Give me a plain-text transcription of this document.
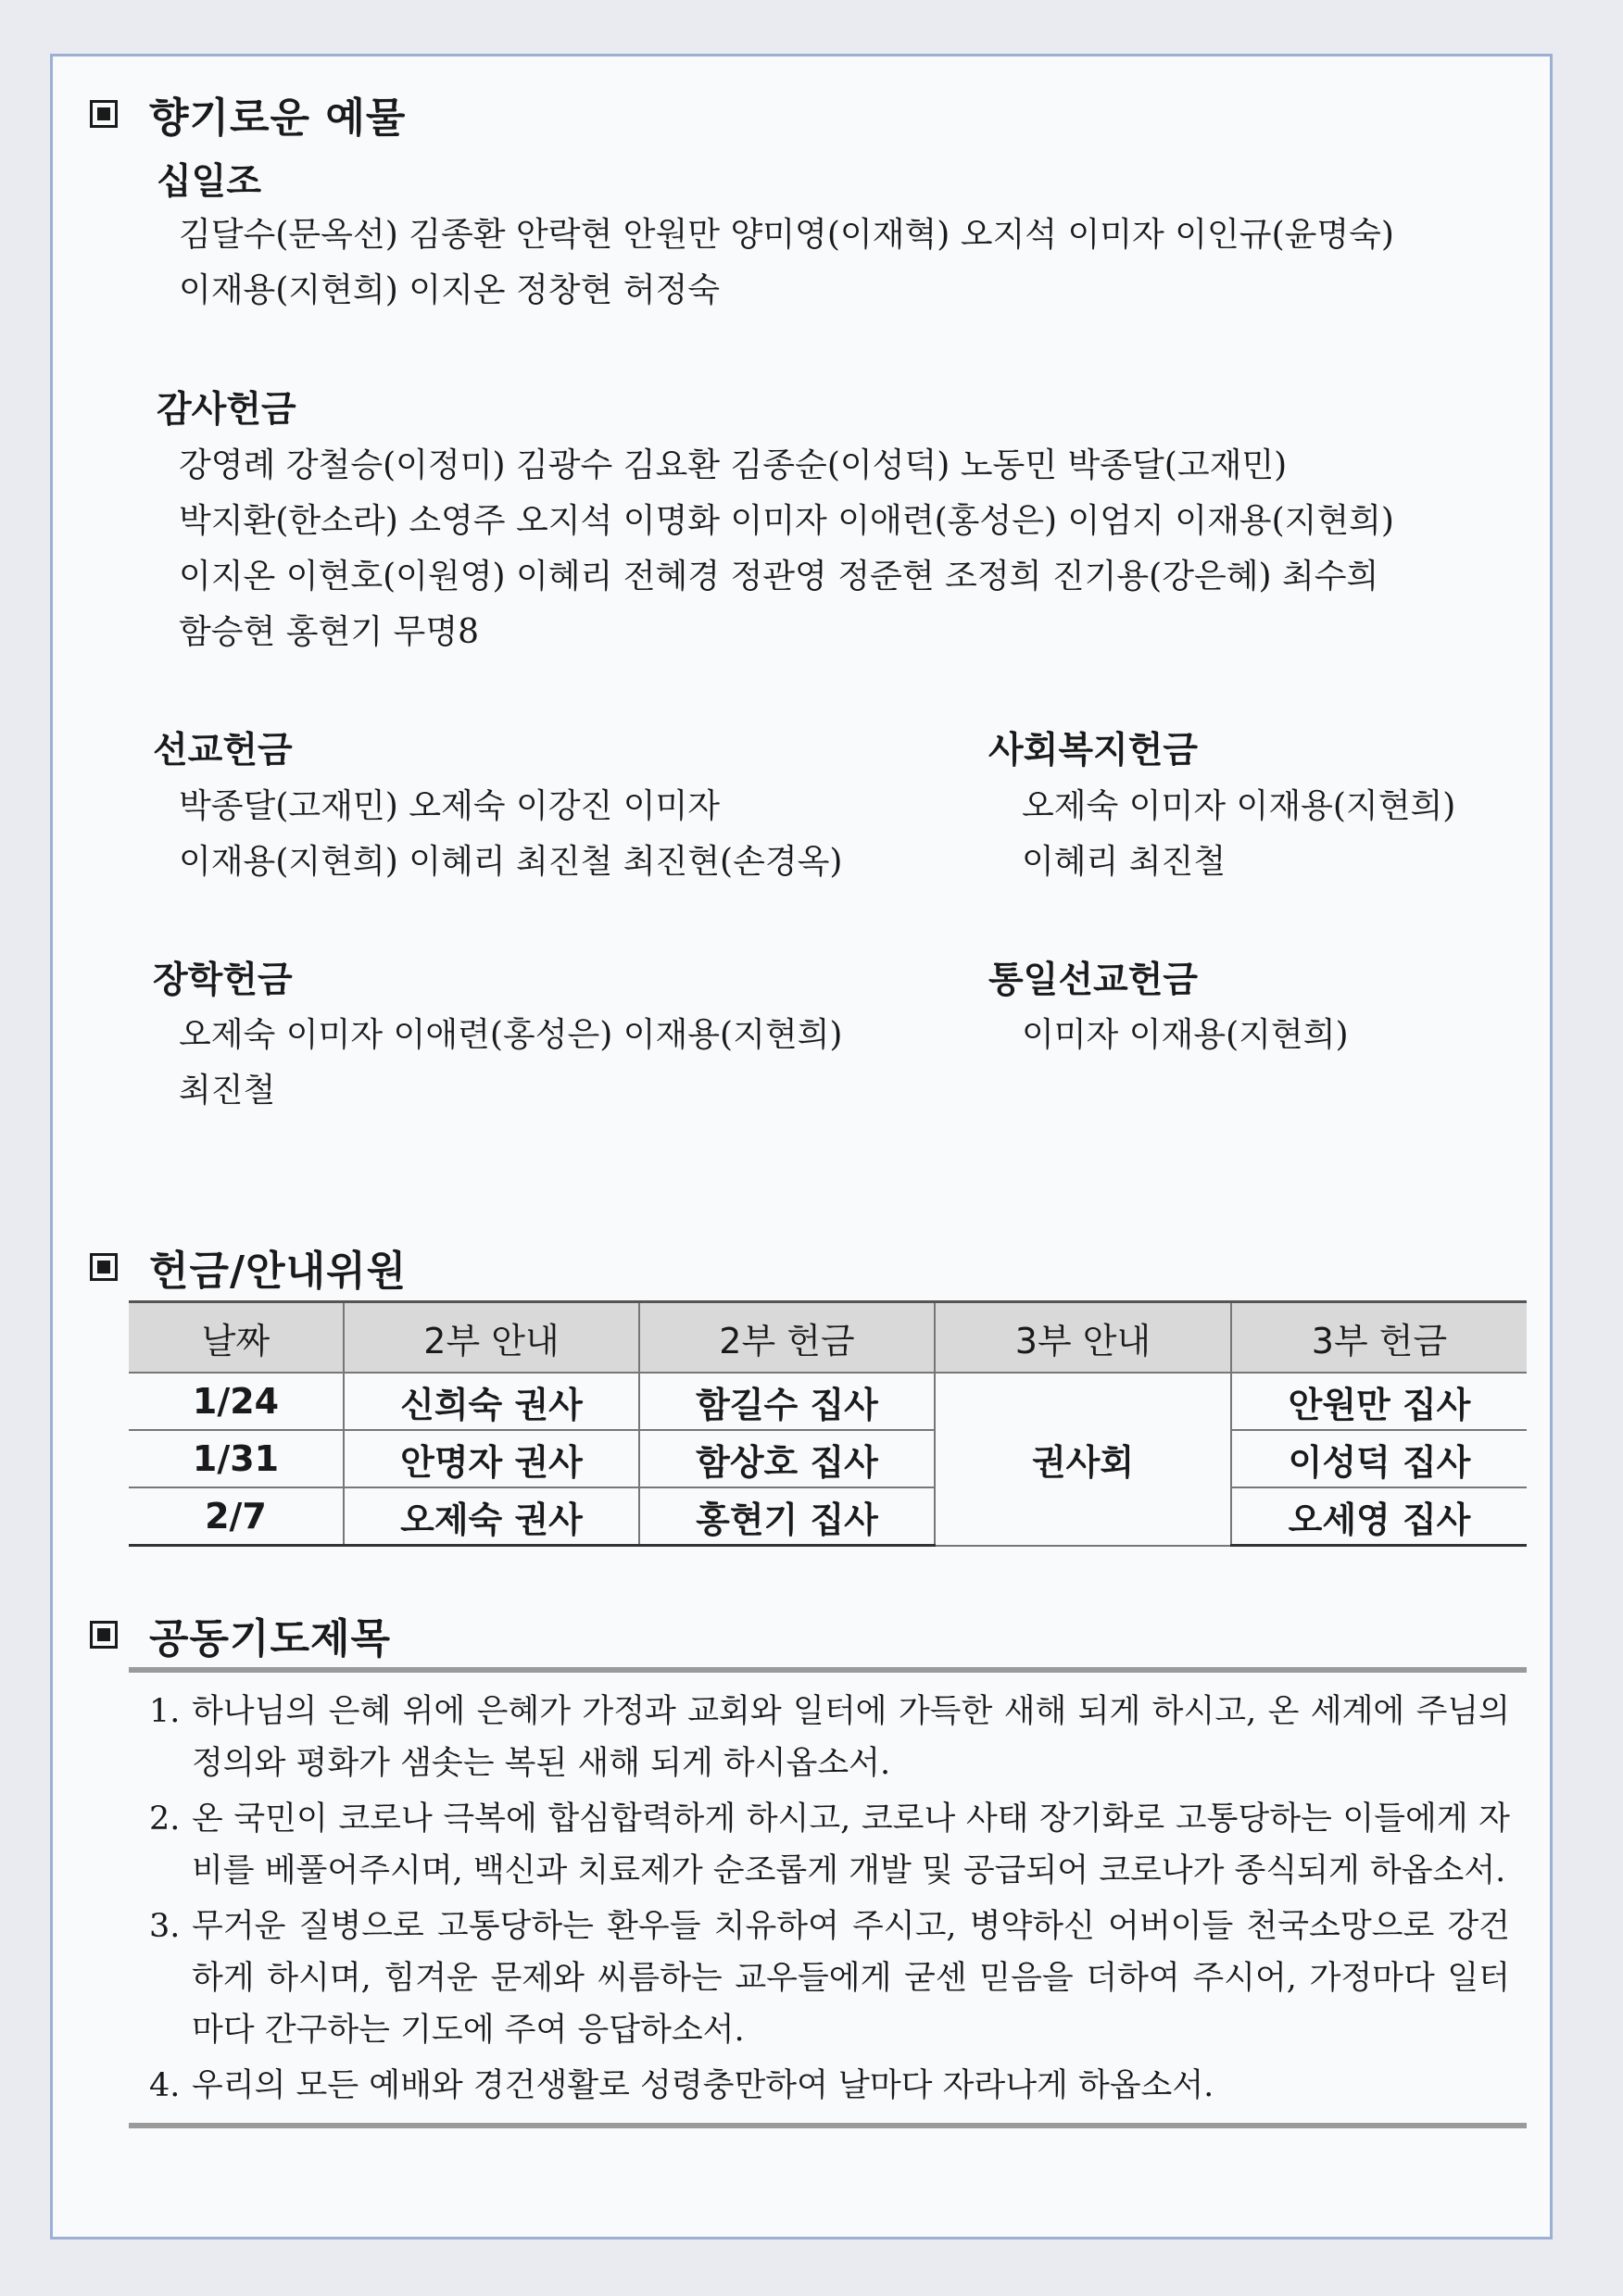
향기로운 예물
십일조
김달수(문옥선) 김종환 안락현 안원만 양미영(이재혁) 오지석 이미자 이인규(윤명숙)
이재용(지현희) 이지온 정창현 허정숙
감사헌금
강영례 강철승(이정미) 김광수 김요환 김종순(이성덕) 노동민 박종달(고재민)
박지환(한소라) 소영주 오지석 이명화 이미자 이애련(홍성은) 이엄지 이재용(지현희)
이지온 이현호(이원영) 이혜리 전혜경 정관영 정준현 조정희 진기용(강은혜) 최수희
함승현 홍현기 무명8
선교헌금
박종달(고재민) 오제숙 이강진 이미자
이재용(지현희) 이혜리 최진철 최진현(손경옥)
사회복지헌금
오제숙 이미자 이재용(지현희)
이혜리 최진철
장학헌금
오제숙 이미자 이애련(홍성은) 이재용(지현희)
최진철
통일선교헌금
이미자 이재용(지현희)
헌금/안내위원
날짜	2부 안내	2부 헌금	3부 안내	3부 헌금
1/24	신희숙 권사	함길수 집사	권사회	안원만 집사
1/31	안명자 권사	함상호 집사		이성덕 집사
2/7	오제숙 권사	홍현기 집사		오세영 집사
공동기도제목
1. 하나님의 은혜 위에 은혜가 가정과 교회와 일터에 가득한 새해 되게 하시고, 온 세계에 주님의 정의와 평화가 샘솟는 복된 새해 되게 하시옵소서.
2. 온 국민이 코로나 극복에 합심합력하게 하시고, 코로나 사태 장기화로 고통당하는 이들에게 자비를 베풀어주시며, 백신과 치료제가 순조롭게 개발 및 공급되어 코로나가 종식되게 하옵소서.
3. 무거운 질병으로 고통당하는 환우들 치유하여 주시고, 병약하신 어버이들 천국소망으로 강건하게 하시며, 힘겨운 문제와 씨름하는 교우들에게 굳센 믿음을 더하여 주시어, 가정마다 일터마다 간구하는 기도에 주여 응답하소서.
4. 우리의 모든 예배와 경건생활로 성령충만하여 날마다 자라나게 하옵소서.
